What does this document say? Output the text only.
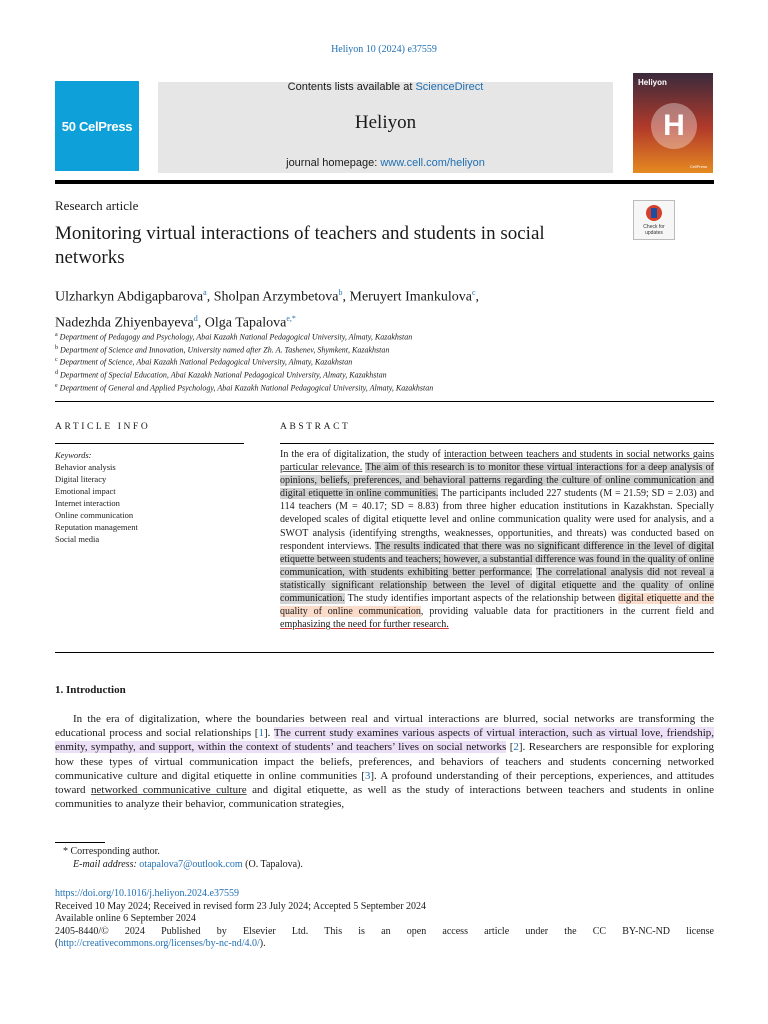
Heliyon 10 (2024) e37559
50 CelPress
Contents lists available at ScienceDirect
Heliyon
journal homepage: www.cell.com/heliyon
Heliyon
H
CellPress
Research article
Check for
updates
Monitoring virtual interactions of teachers and students in social networks
Ulzharkyn Abdigapbarova$^a$, Sholpan Arzymbetova$^b$, Meruyert Imankulova$^c$,
Nadezhda Zhiyenbayeva$^d$, Olga Tapalova$^{e,*}$
$^a$ Department of Pedagogy and Psychology, Abai Kazakh National Pedagogical University, Almaty, Kazakhstan
$^b$ Department of Science and Innovation, University named after Zh. A. Tashenev, Shymkent, Kazakhstan
$^c$ Department of Science, Abai Kazakh National Pedagogical University, Almaty, Kazakhstan
$^d$ Department of Special Education, Abai Kazakh National Pedagogical University, Almaty, Kazakhstan
$^e$ Department of General and Applied Psychology, Abai Kazakh National Pedagogical University, Almaty, Kazakhstan
ARTICLE INFO	ABSTRACT
Keywords:
Behavior analysis
Digital literacy
Emotional impact
Internet interaction
Online communication
Reputation management
Social media
In the era of digitalization, the study of interaction between teachers and students in social networks gains particular relevance. The aim of this research is to monitor these virtual interactions for a deep analysis of opinions, beliefs, preferences, and behavioral patterns regarding the culture of online communication and digital etiquette in online communities. The participants included 227 students (M = 21.59; SD = 2.03) and 114 teachers (M = 40.17; SD = 8.83) from three higher education institutions in Kazakhstan. Specially developed scales of digital etiquette level and online communication quality were used for analysis, and a SWOT analysis (identifying strengths, weaknesses, opportunities, and threats) was conducted based on respondent interviews. The results indicated that there was no significant difference in the level of digital etiquette between students and teachers; however, a substantial difference was found in the quality of online communication, with students exhibiting better performance. The correlational analysis did not reveal a statistically significant relationship between the level of digital etiquette and the quality of online communication. The study identifies important aspects of the relationship between digital etiquette and the quality of online communication, providing valuable data for practitioners in the current field and emphasizing the need for further research.
1. Introduction
In the era of digitalization, where the boundaries between real and virtual interactions are blurred, social networks are transforming the educational process and social relationships [1]. The current study examines various aspects of virtual interaction, such as virtual love, friendship, enmity, sympathy, and support, within the context of students’ and teachers’ lives on social networks [2]. Researchers are responsible for exploring how these types of virtual communication impact the beliefs, preferences, and behaviors of teachers and students concerning networked communicative culture and digital etiquette in online communities [3]. A profound understanding of their perceptions, experiences, and attitudes toward networked communicative culture and digital etiquette, as well as the study of interactions between teachers and students in online communities to analyze their behavior, communication strategies,
* Corresponding author.
E-mail address: otapalova7@outlook.com (O. Tapalova).
https://doi.org/10.1016/j.heliyon.2024.e37559
Received 10 May 2024; Received in revised form 23 July 2024; Accepted 5 September 2024
Available online 6 September 2024
2405-8440/© 2024 Published by Elsevier Ltd. This is an open access article under the CC BY-NC-ND license
(http://creativecommons.org/licenses/by-nc-nd/4.0/).
